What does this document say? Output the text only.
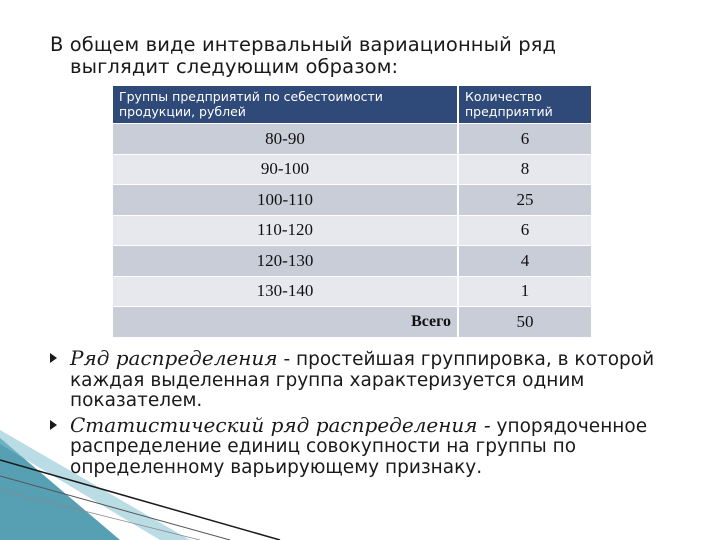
В общем виде интервальный вариационный ряд
выглядит следующим образом:
Группы предприятий по себестоимости продукции, рублей	Количество предприятий
80-90	6
90-100	8
100-110	25
110-120	6
120-130	4
130-140	1
Всего	50
Ряд распределения - простейшая группировка, в которой каждая выделенная группа характеризуется одним показателем.
Статистический ряд распределения - упорядоченное распределение единиц совокупности на группы по определенному варьирующему признаку.
